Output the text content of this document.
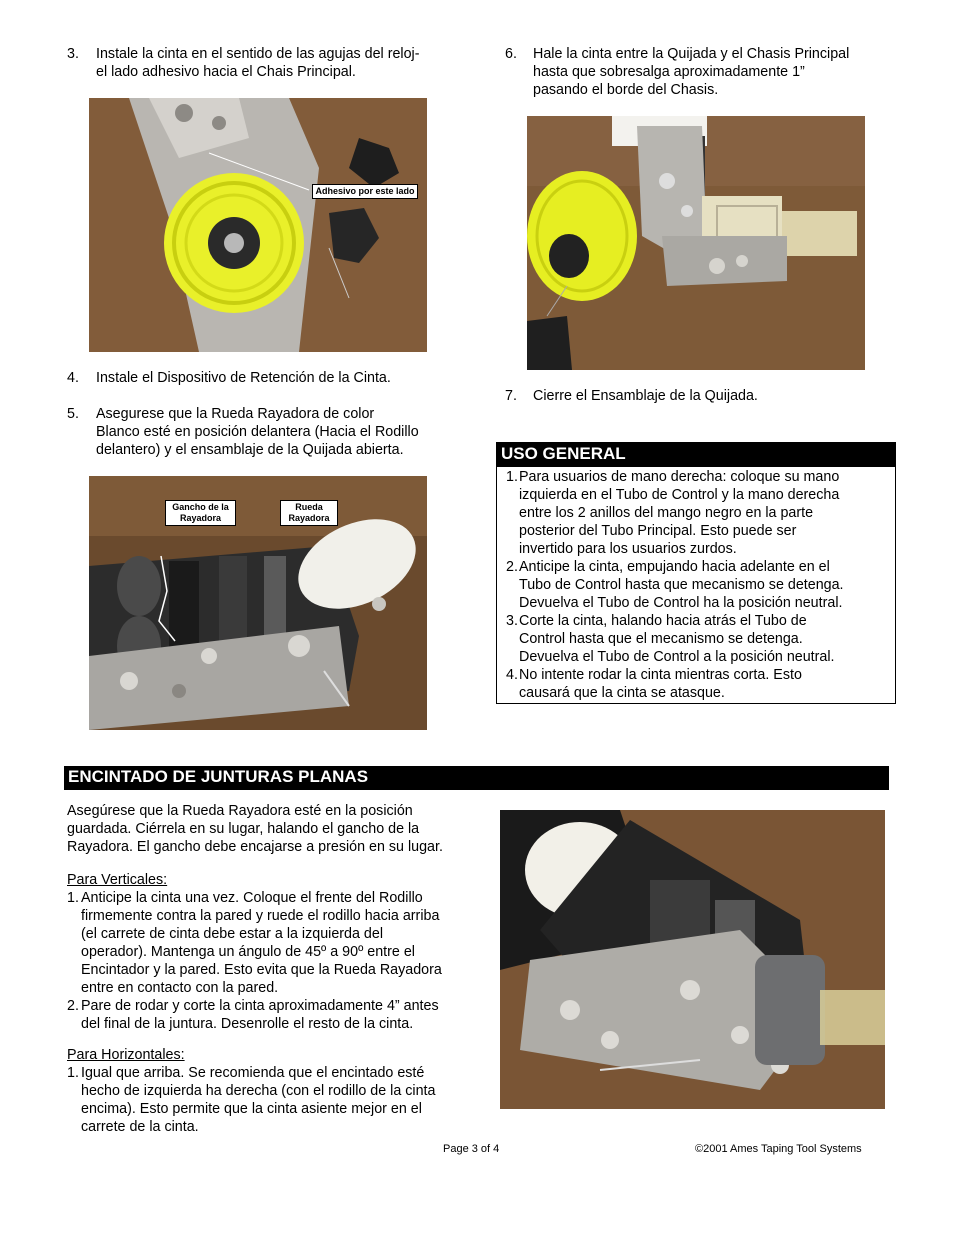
3. Instale la cinta en el sentido de las agujas del reloj-
el lado adhesivo hacia el Chais Principal.
Adhesivo por este lado
4. Instale el Dispositivo de Retención de la Cinta.
5. Asegurese que la Rueda Rayadora de color
Blanco esté en posición delantera (Hacia el Rodillo
delantero) y el ensamblaje de la Quijada abierta.
Gancho de la
Rayadora
Rueda
Rayadora
6. Hale la cinta entre la Quijada y el Chasis Principal
hasta que sobresalga aproximadamente 1”
pasando el borde del Chasis.
7. Cierre el Ensamblaje de la Quijada.
USO GENERAL
1. Para usuarios de mano derecha: coloque su mano
izquierda en el Tubo de Control y la mano derecha
entre los 2 anillos del mango negro en la parte
posterior del Tubo Principal. Esto puede ser
invertido para los usuarios zurdos.
2. Anticipe la cinta, empujando hacia adelante en el
Tubo de Control hasta que mecanismo se detenga.
Devuelva el Tubo de Control ha la posición neutral.
3. Corte la cinta, halando hacia atrás el Tubo de
Control hasta que el mecanismo se detenga.
Devuelva el Tubo de Control a la posición neutral.
4. No intente rodar la cinta mientras corta. Esto
causará que la cinta se atasque.
ENCINTADO DE JUNTURAS PLANAS
Asegúrese que la Rueda Rayadora esté en la posición
guardada. Ciérrela en su lugar, halando el gancho de la
Rayadora. El gancho debe encajarse a presión en su lugar.
Para Verticales:
1. Anticipe la cinta una vez. Coloque el frente del Rodillo
firmemente contra la pared y ruede el rodillo hacia arriba
(el carrete de cinta debe estar a la izquierda del
operador). Mantenga un ángulo de 45º a 90º entre el
Encintador y la pared. Esto evita que la Rueda Rayadora
entre en contacto con la pared.
2. Pare de rodar y corte la cinta aproximadamente 4” antes
del final de la juntura. Desenrolle el resto de la cinta.
Para Horizontales:
1. Igual que arriba. Se recomienda que el encintado esté
hecho de izquierda ha derecha (con el rodillo de la cinta
encima). Esto permite que la cinta asiente mejor en el
carrete de la cinta.
Page 3 of 4	©2001 Ames Taping Tool Systems
